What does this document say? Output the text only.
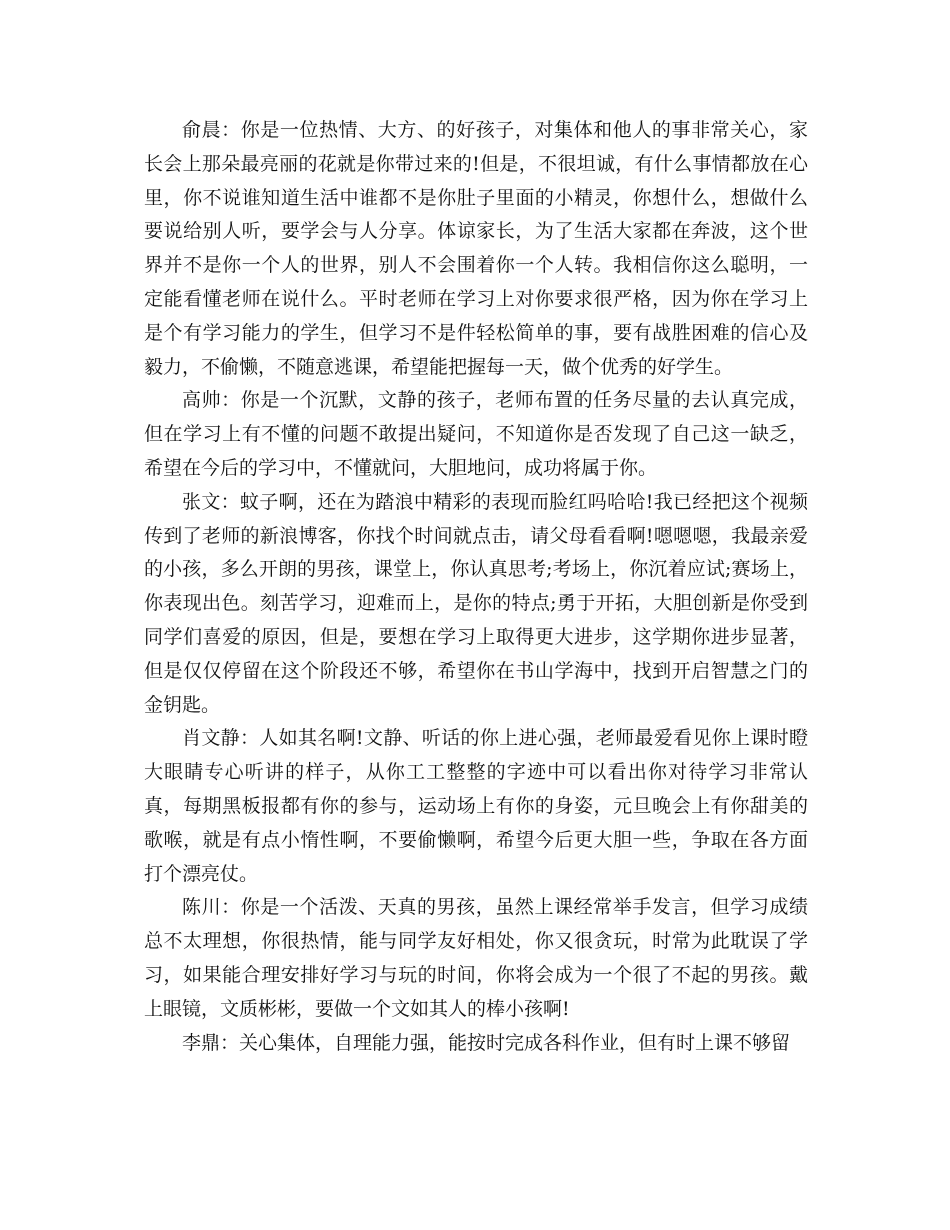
俞晨：你是一位热情、大方、的好孩子，对集体和他人的事非常关心，家长会上那朵最亮丽的花就是你带过来的!但是，不很坦诚，有什么事情都放在心里，你不说谁知道生活中谁都不是你肚子里面的小精灵，你想什么，想做什么要说给别人听，要学会与人分享。体谅家长，为了生活大家都在奔波，这个世界并不是你一个人的世界，别人不会围着你一个人转。我相信你这么聪明，一定能看懂老师在说什么。平时老师在学习上对你要求很严格，因为你在学习上是个有学习能力的学生，但学习不是件轻松简单的事，要有战胜困难的信心及毅力，不偷懒，不随意逃课，希望能把握每一天，做个优秀的好学生。

高帅：你是一个沉默，文静的孩子，老师布置的任务尽量的去认真完成，但在学习上有不懂的问题不敢提出疑问，不知道你是否发现了自己这一缺乏，希望在今后的学习中，不懂就问，大胆地问，成功将属于你。

张文：蚊子啊，还在为踏浪中精彩的表现而脸红吗哈哈!我已经把这个视频传到了老师的新浪博客，你找个时间就点击，请父母看看啊!嗯嗯嗯，我最亲爱的小孩，多么开朗的男孩，课堂上，你认真思考;考场上，你沉着应试;赛场上，你表现出色。刻苦学习，迎难而上，是你的特点;勇于开拓，大胆创新是你受到同学们喜爱的原因，但是，要想在学习上取得更大进步，这学期你进步显著，但是仅仅停留在这个阶段还不够，希望你在书山学海中，找到开启智慧之门的金钥匙。

肖文静：人如其名啊!文静、听话的你上进心强，老师最爱看见你上课时瞪大眼睛专心听讲的样子，从你工工整整的字迹中可以看出你对待学习非常认真，每期黑板报都有你的参与，运动场上有你的身姿，元旦晚会上有你甜美的歌喉，就是有点小惰性啊，不要偷懒啊，希望今后更大胆一些，争取在各方面打个漂亮仗。

陈川：你是一个活泼、天真的男孩，虽然上课经常举手发言，但学习成绩总不太理想，你很热情，能与同学友好相处，你又很贪玩，时常为此耽误了学习，如果能合理安排好学习与玩的时间，你将会成为一个很了不起的男孩。戴上眼镜，文质彬彬，要做一个文如其人的棒小孩啊!

李鼎：关心集体，自理能力强，能按时完成各科作业，但有时上课不够留
